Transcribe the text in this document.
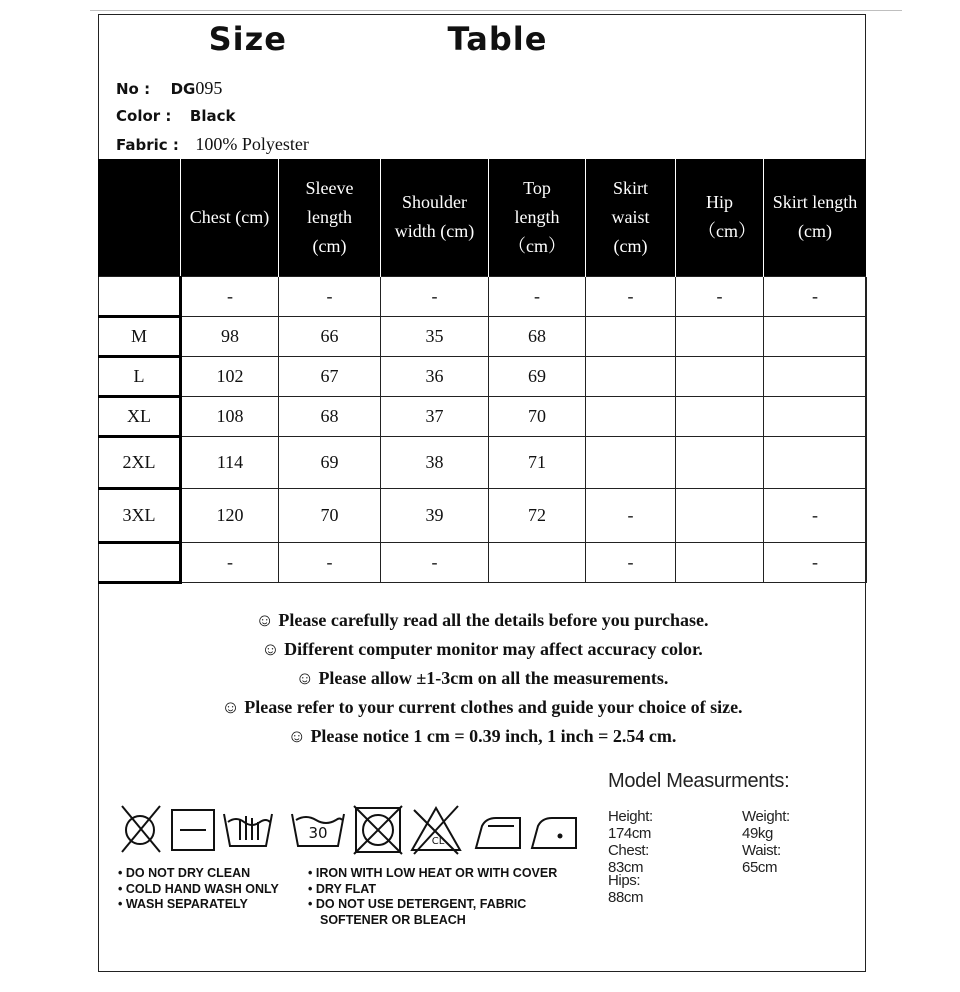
Size    Table
No : DG095
Color : Black
Fabric : 100% Polyester
	Chest (cm)	Sleeve length (cm)	Shoulder width (cm)	Top length（cm）	Skirt waist (cm)	Hip（cm）	Skirt length (cm)
	-	-	-	-	-	-	-
M	98	66	35	68			
L	102	67	36	69			
XL	108	68	37	70			
2XL	114	69	38	71			
3XL	120	70	39	72	-		-
	-	-	-		-		-
☺ Please carefully read all the details before you purchase.
☺ Different computer monitor may affect accuracy color.
☺ Please allow ±1-3cm on all the measurements.
☺ Please refer to your current clothes and guide your choice of size.
☺ Please notice 1 cm = 0.39 inch, 1 inch = 2.54 cm.
30	CL
• DO NOT DRY CLEAN
• COLD HAND WASH ONLY
• WASH SEPARATELY
• IRON WITH LOW HEAT OR WITH COVER
• DRY FLAT
• DO NOT USE DETERGENT, FABRIC
SOFTENER OR BLEACH
Model Measurments:
Height: 174cm
Weight: 49kg
Chest: 83cm
Waist: 65cm
Hips: 88cm
